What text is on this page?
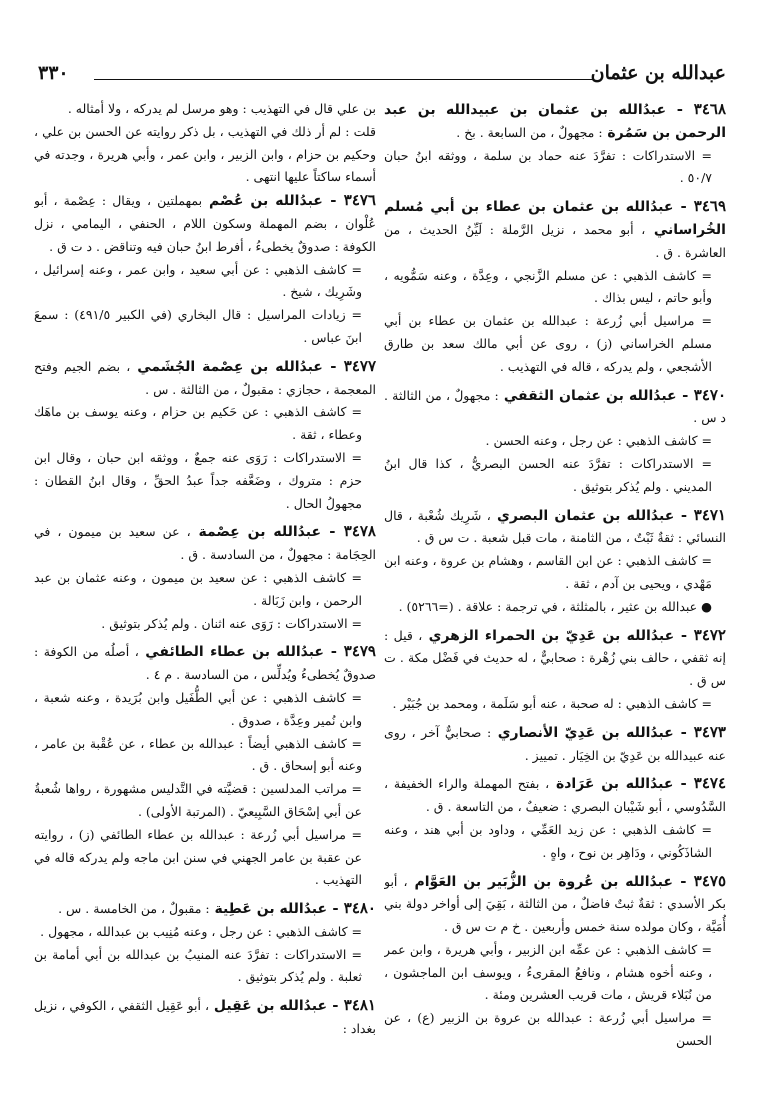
عبدالله بن عثمان
٣٣٠

٣٤٦٨ - عبدُالله بن عثمان بن عبيدالله بن عبد الرحمن بن سَمُرة : مجهولٌ ، من السابعة . بخ .

= الاستدراكات : تفرَّدَ عنه حماد بن سلمة ، ووثقه ابنُ حبان ٥٠/٧ .

٣٤٦٩ - عبدُالله بن عثمان بن عطاء بن أبي مُسلم الخُراساني ، أبو محمد ، نزيل الرَّملة : لَيِّنُ الحديث ، من العاشرة . ق .

= كاشف الذهبي : عن مسلم الزَّنجي ، وعِدَّة ، وعنه سَمُّويه ، وأبو حاتم ، ليس بذاك .

= مراسيل أبي زُرعة : عبدالله بن عثمان بن عطاء بن أبي مسلم الخراساني (ز) ، روى عن أبي مالك سعد بن طارق الأشجعي ، ولم يدركه ، قاله في التهذيب .

٣٤٧٠ - عبدُالله بن عثمان الثقفي : مجهولٌ ، من الثالثة . د س .

= كاشف الذهبي : عن رجل ، وعنه الحسن .

= الاستدراكات : تفرَّدَ عنه الحسن البصريُّ ، كذا قال ابنُ المديني . ولم يُذكر بتوثيق .

٣٤٧١ - عبدُالله بن عثمان البصري ، شَرِيك شُعْبة ، قال النسائي : ثقةٌ ثَبْتٌ ، من الثامنة ، مات قبل شعبة . ت س ق .

= كاشف الذهبي : عن ابن القاسم ، وهشام بن عروة ، وعنه ابن مَهْدي ، ويحيى بن آدم ، ثقة .

● عبدالله بن عثير ، بالمثلثة ، في ترجمة : علاقة . (=٥٢٦٦) .

٣٤٧٢ - عبدُالله بن عَدِيّ بن الحمراء الزهري ، قيل : إنه ثقفي ، حالف بني زُهْرة : صحابيٌّ ، له حديث في فَضْل مكة . ت س ق .

= كاشف الذهبي : له صحبة ، عنه أبو سَلَمة ، ومحمد بن جُبَيْر .

٣٤٧٣ - عبدُالله بن عَدِيّ الأنصاري : صحابيٌّ آخر ، روى عنه عبيدالله بن عَدِيّ بن الخِيَار . تمييز .

٣٤٧٤ - عبدُالله بن عَرَادة ، بفتح المهملة والراء الخفيفة ، السَّدُوسي ، أبو شَيْبان البصري : ضعيفٌ ، من التاسعة . ق .

= كاشف الذهبي : عن زيد العَمِّي ، وداود بن أبي هند ، وعنه الشاذَكُوني ، ودَاهِر بن نوح ، واهٍ .

٣٤٧٥ - عبدُالله بن عُروة بن الزُّبَير بن العَوَّام ، أبو بكر الأسدي : ثقةٌ ثبتٌ فاضلٌ ، من الثالثة ، بَقِيَ إلى أواخر دولة بني أُمَيَّة ، وكان مولده سنة خمس وأربعين . خ م ت س ق .

= كاشف الذهبي : عن عمِّه ابن الزبير ، وأبي هريرة ، وابن عمر ، وعنه أخوه هشام ، ونافعُ المقرىءُ ، ويوسف ابن الماجشون ، من نُبَلاء قريش ، مات قريب العشرين ومئة .

= مراسيل أبي زُرعة : عبدالله بن عروة بن الزبير (ع) ، عن الحسن

بن علي قال في التهذيب : وهو مرسل لم يدركه ، ولا أمثاله .

قلت : لم أر ذلك في التهذيب ، بل ذكر روايته عن الحسن بن علي ، وحكيم بن حزام ، وابن الزبير ، وابن عمر ، وأبي هريرة ، وجدته في أسماء ساكتاً عليها انتهى .

٣٤٧٦ - عبدُالله بن عُصْم بمهملتين ، ويقال : عِصْمة ، أبو عُلْوان ، بضم المهملة وسكون اللام ، الحنفي ، اليمامي ، نزل الكوفة : صدوقٌ يخطىءُ ، أفرط ابنُ حبان فيه وتناقض . د ت ق .

= كاشف الذهبي : عن أبي سعيد ، وابن عمر ، وعنه إسرائيل ، وشَرِيك ، شيخ .

= زيادات المراسيل : قال البخاري (في الكبير ٤٩١/٥) : سمعَ ابنَ عباس .

٣٤٧٧ - عبدُالله بن عِصْمة الجُشَمي ، بضم الجيم وفتح المعجمة ، حجازي : مقبولٌ ، من الثالثة . س .

= كاشف الذهبي : عن حَكيم بن حزام ، وعنه يوسف بن ماهَك وعطاء ، ثقة .

= الاستدراكات : رَوَى عنه جمعٌ ، ووثقه ابن حبان ، وقال ابن حزم : متروك ، وضَعَّفه جداً عبدُ الحقِّ ، وقال ابنُ القطان : مجهولُ الحال .

٣٤٧٨ - عبدُالله بن عِصْمة ، عن سعيد بن ميمون ، في الحِجَامة : مجهولٌ ، من السادسة . ق .

= كاشف الذهبي : عن سعيد بن ميمون ، وعنه عثمان بن عبد الرحمن ، وابن زَبَالة .

= الاستدراكات : رَوَى عنه اثنان . ولم يُذكر بتوثيق .

٣٤٧٩ - عبدُالله بن عطاء الطائفي ، أصلُه من الكوفة : صدوقٌ يُخطىءُ ويُدلِّس ، من السادسة . م ٤ .

= كاشف الذهبي : عن أبي الطُّفَيل وابن بُرَيدة ، وعنه شعبة ، وابن نُمير وعِدَّة ، صدوق .

= كاشف الذهبي أيضاً : عبدالله بن عطاء ، عن عُقْبة بن عامر ، وعنه أبو إسحاق . ق .

= مراتب المدلسين : قضيَّته في التَّدليس مشهورة ، رواها شُعبةُ عن أبي إسْحَاق السَّبِيعيّ . (المرتبة الأولى) .

= مراسيل أبي زُرعة : عبدالله بن عطاء الطائفي (ز) ، روايته عن عقبة بن عامر الجهني في سنن ابن ماجه ولم يدركه قاله في التهذيب .

٣٤٨٠ - عبدُالله بن عَطِية : مقبولٌ ، من الخامسة . س .

= كاشف الذهبي : عن رجل ، وعنه مُنِيب بن عبدالله ، مجهول .

= الاستدراكات : تفرَّدَ عنه المنيبُ بن عبدالله بن أبي أمامة بن ثعلبة . ولم يُذكر بتوثيق .

٣٤٨١ - عبدُالله بن عَقِيل ، أبو عَقِيل الثقفي ، الكوفي ، نزيل بغداد :
